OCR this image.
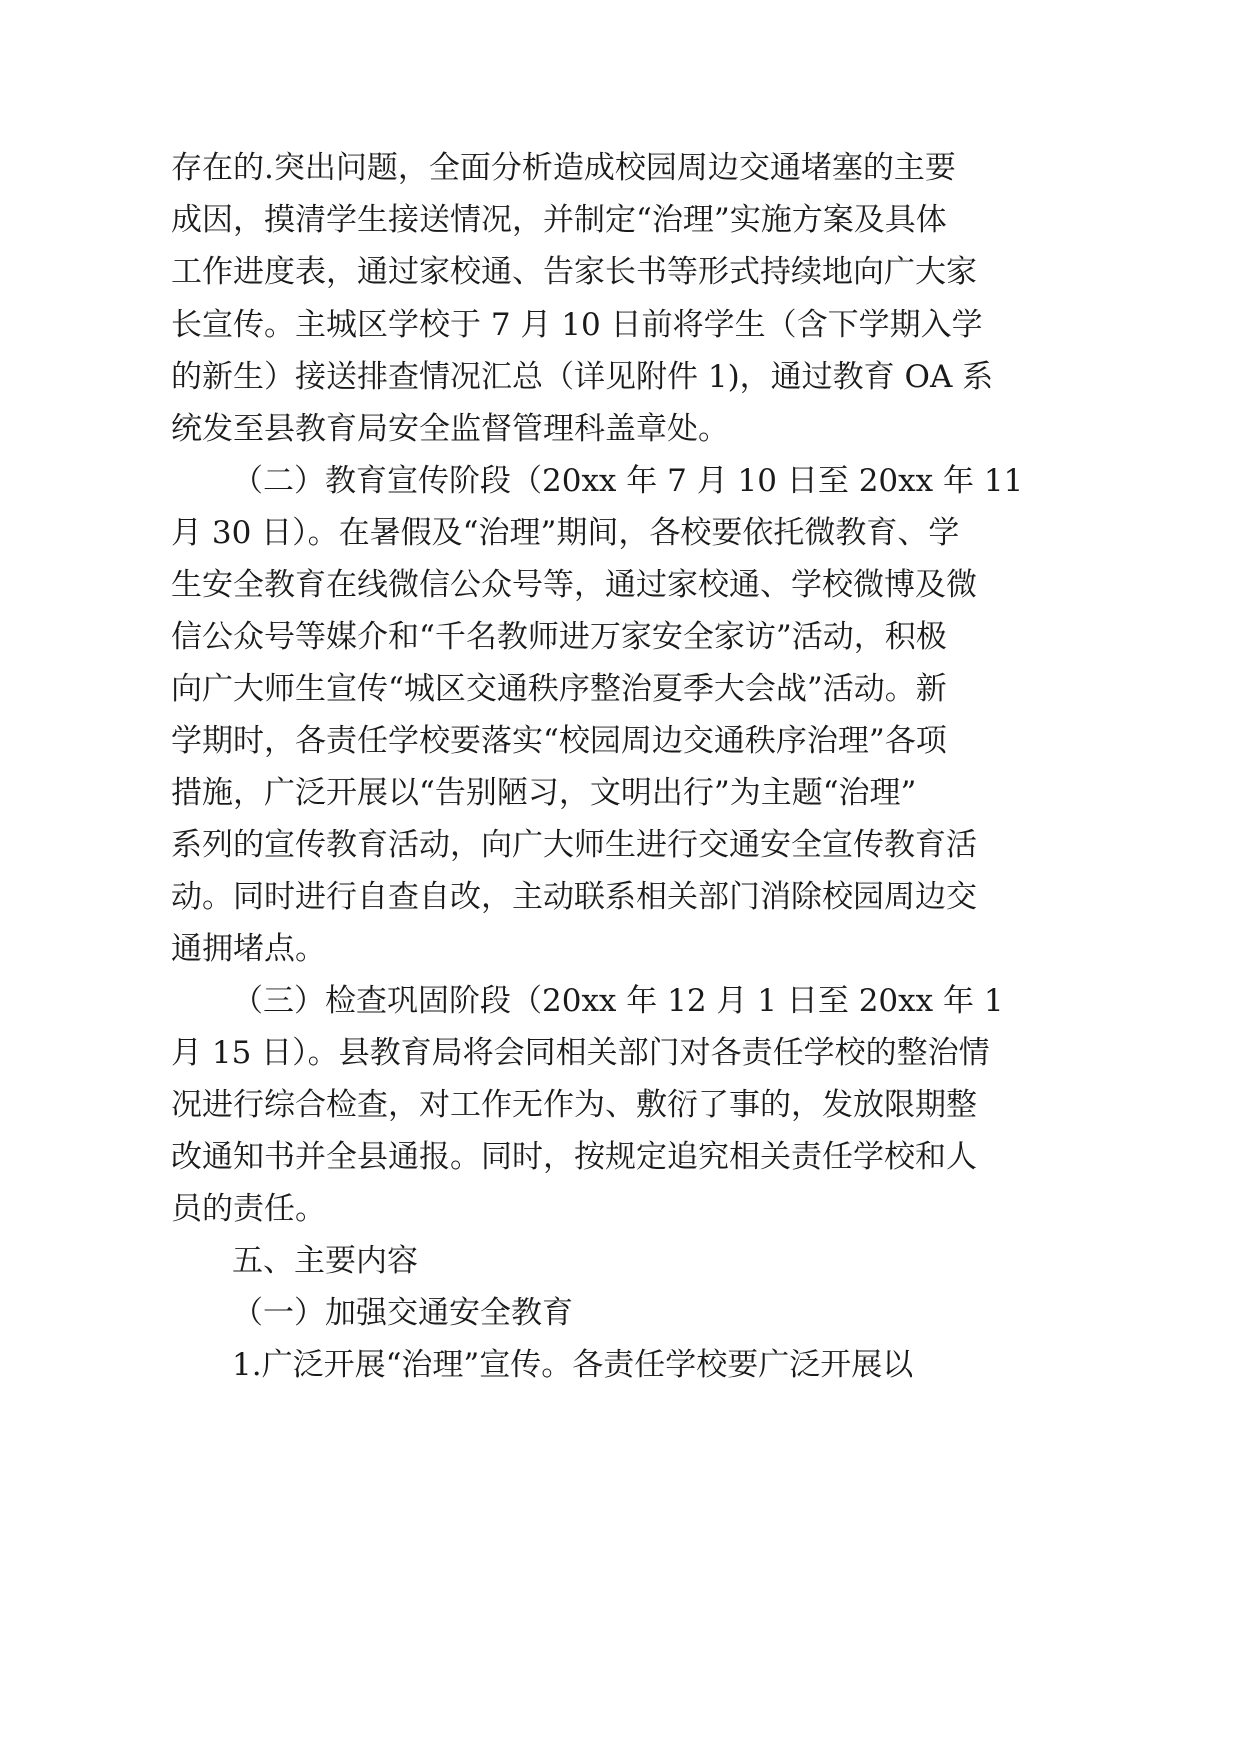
存在的.突出问题，全面分析造成校园周边交通堵塞的主要
成因，摸清学生接送情况，并制定“治理”实施方案及具体
工作进度表，通过家校通、告家长书等形式持续地向广大家
长宣传。主城区学校于 7 月 10 日前将学生（含下学期入学
的新生）接送排查情况汇总（详见附件 1)，通过教育 OA 系
统发至县教育局安全监督管理科盖章处。
（二）教育宣传阶段（20xx 年 7 月 10 日至 20xx 年 11
月 30 日）。在暑假及“治理”期间，各校要依托微教育、学
生安全教育在线微信公众号等，通过家校通、学校微博及微
信公众号等媒介和“千名教师进万家安全家访”活动，积极
向广大师生宣传“城区交通秩序整治夏季大会战”活动。新
学期时，各责任学校要落实“校园周边交通秩序治理”各项
措施，广泛开展以“告别陋习，文明出行”为主题“治理”
系列的宣传教育活动，向广大师生进行交通安全宣传教育活
动。同时进行自查自改，主动联系相关部门消除校园周边交
通拥堵点。
（三）检查巩固阶段（20xx 年 12 月 1 日至 20xx 年 1
月 15 日）。县教育局将会同相关部门对各责任学校的整治情
况进行综合检查，对工作无作为、敷衍了事的，发放限期整
改通知书并全县通报。同时，按规定追究相关责任学校和人
员的责任。
五、主要内容
（一）加强交通安全教育
1.广泛开展“治理”宣传。各责任学校要广泛开展以
